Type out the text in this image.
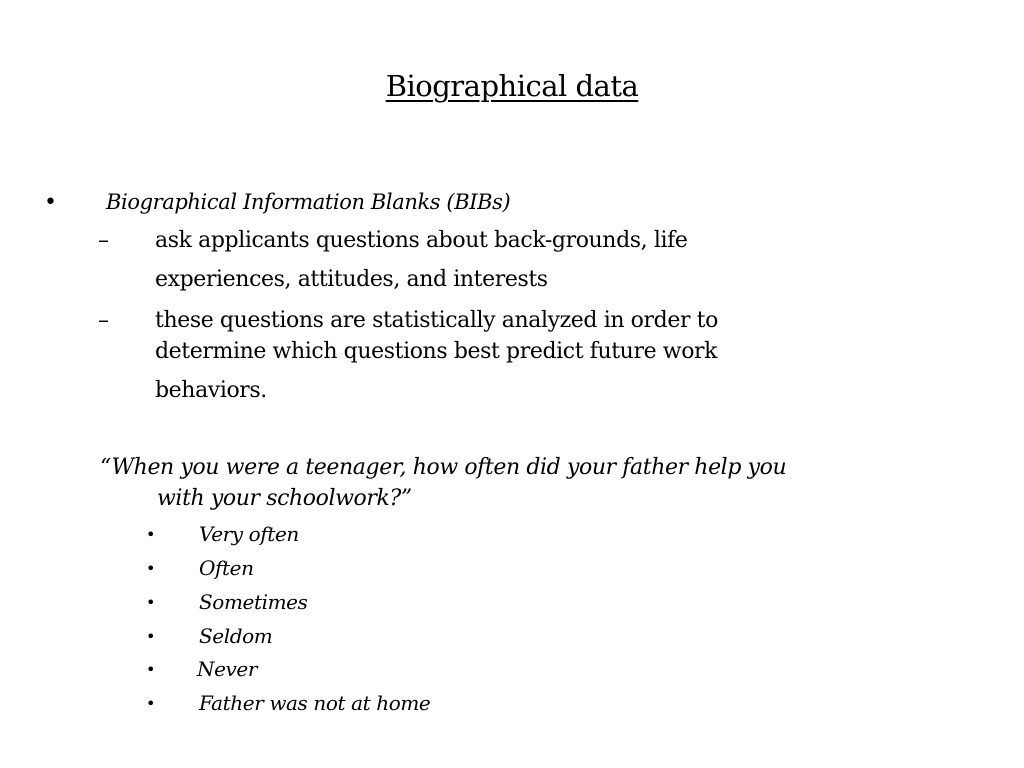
Biographical data
• Biographical Information Blanks (BIBs)
– ask applicants questions about back-grounds, life
experiences, attitudes, and interests
– these questions are statistically analyzed in order to
determine which questions best predict future work
behaviors.
“When you were a teenager, how often did your father help you
with your schoolwork?”
• Very often
• Often
• Sometimes
• Seldom
• Never
• Father was not at home
